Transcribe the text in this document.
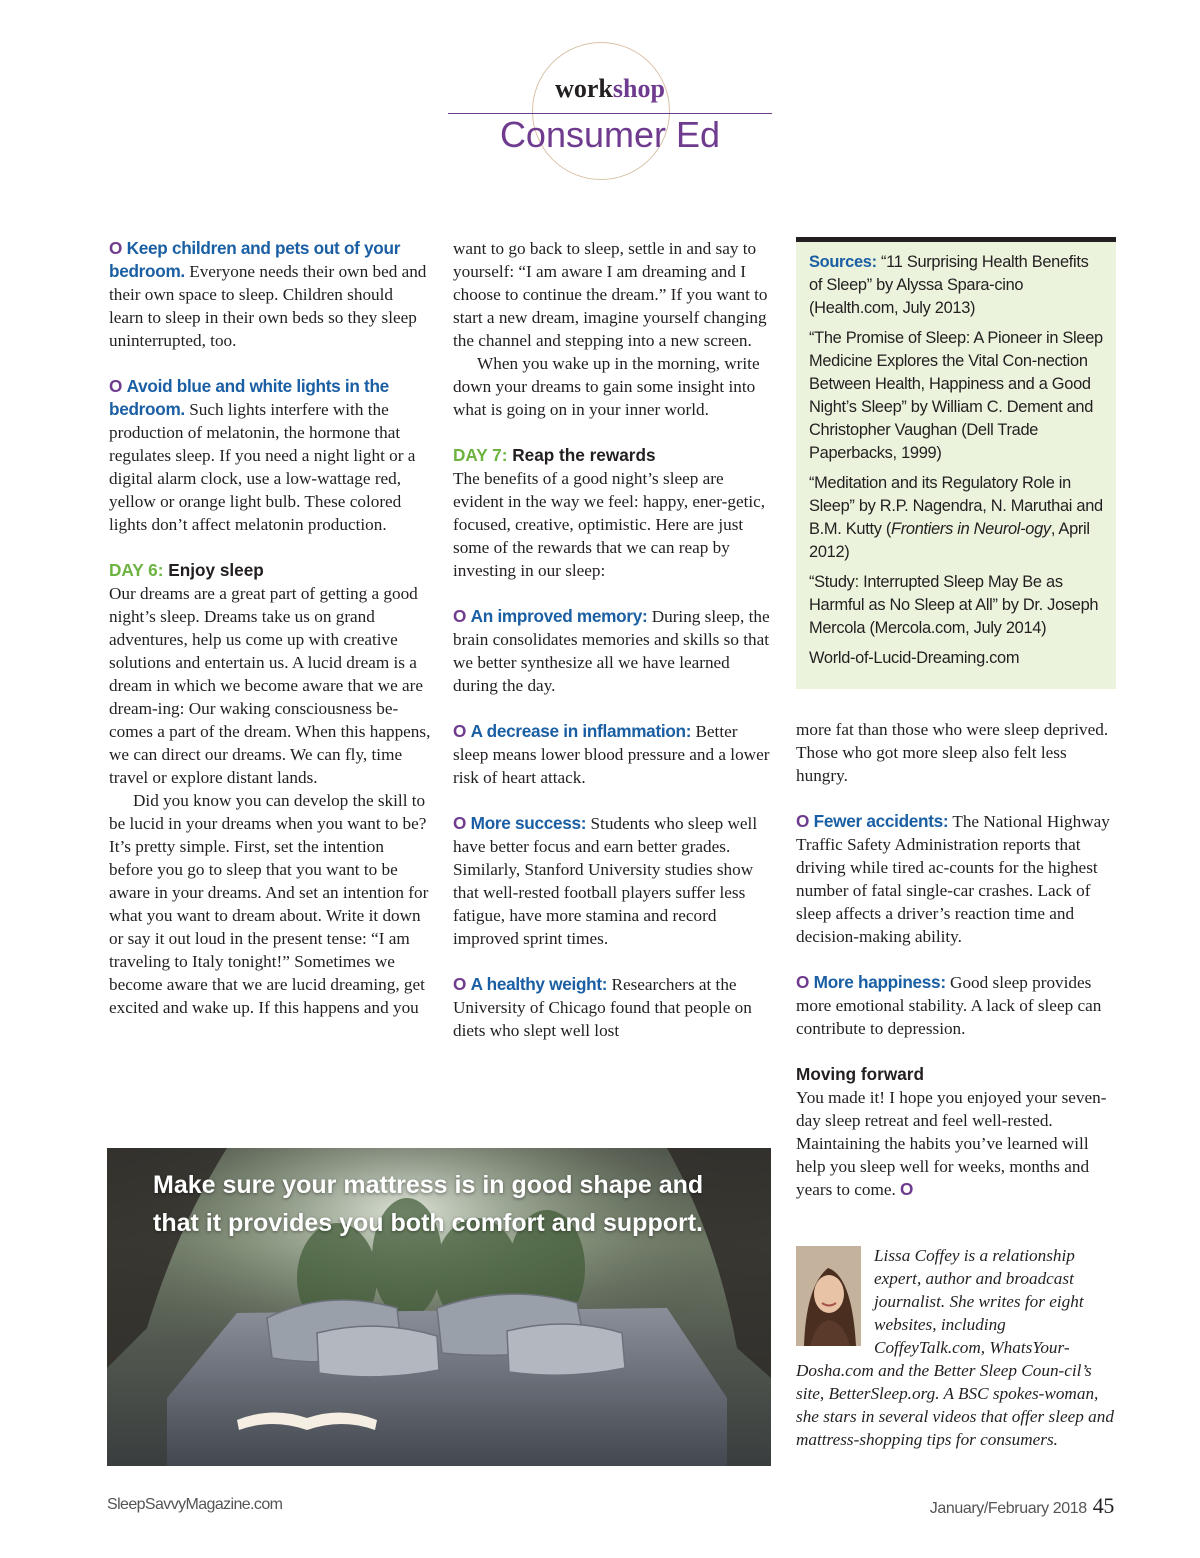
workshop
Consumer Ed

O Keep children and pets out of your bedroom. Everyone needs their own bed and their own space to sleep. Children should learn to sleep in their own beds so they sleep uninterrupted, too.

O Avoid blue and white lights in the bedroom. Such lights interfere with the production of melatonin, the hormone that regulates sleep. If you need a night light or a digital alarm clock, use a low-wattage red, yellow or orange light bulb. These colored lights don’t affect melatonin production.

DAY 6: Enjoy sleep

Our dreams are a great part of getting a good night’s sleep. Dreams take us on grand adventures, help us come up with creative solutions and entertain us. A lucid dream is a dream in which we become aware that we are dream-ing: Our waking consciousness be-comes a part of the dream. When this happens, we can direct our dreams. We can fly, time travel or explore distant lands.

Did you know you can develop the skill to be lucid in your dreams when you want to be? It’s pretty simple. First, set the intention before you go to sleep that you want to be aware in your dreams. And set an intention for what you want to dream about. Write it down or say it out loud in the present tense: “I am traveling to Italy tonight!” Sometimes we become aware that we are lucid dreaming, get excited and wake up. If this happens and you

want to go back to sleep, settle in and say to yourself: “I am aware I am dreaming and I choose to continue the dream.” If you want to start a new dream, imagine yourself changing the channel and stepping into a new screen.

When you wake up in the morning, write down your dreams to gain some insight into what is going on in your inner world.

DAY 7: Reap the rewards

The benefits of a good night’s sleep are evident in the way we feel: happy, ener-getic, focused, creative, optimistic. Here are just some of the rewards that we can reap by investing in our sleep:

O An improved memory: During sleep, the brain consolidates memories and skills so that we better synthesize all we have learned during the day.

O A decrease in inflammation: Better sleep means lower blood pressure and a lower risk of heart attack.

O More success: Students who sleep well have better focus and earn better grades. Similarly, Stanford University studies show that well-rested football players suffer less fatigue, have more stamina and record improved sprint times.

O A healthy weight: Researchers at the University of Chicago found that people on diets who slept well lost

Sources: “11 Surprising Health Benefits of Sleep” by Alyssa Spara-cino (Health.com, July 2013)

“The Promise of Sleep: A Pioneer in Sleep Medicine Explores the Vital Con-nection Between Health, Happiness and a Good Night’s Sleep” by William C. Dement and Christopher Vaughan (Dell Trade Paperbacks, 1999)

“Meditation and its Regulatory Role in Sleep” by R.P. Nagendra, N. Maruthai and B.M. Kutty (Frontiers in Neurol-ogy, April 2012)

“Study: Interrupted Sleep May Be as Harmful as No Sleep at All” by Dr. Joseph Mercola (Mercola.com, July 2014)

World-of-Lucid-Dreaming.com

more fat than those who were sleep deprived. Those who got more sleep also felt less hungry.

O Fewer accidents: The National Highway Traffic Safety Administration reports that driving while tired ac-counts for the highest number of fatal single-car crashes. Lack of sleep affects a driver’s reaction time and decision-making ability.

O More happiness: Good sleep provides more emotional stability. A lack of sleep can contribute to depression.

Moving forward

You made it! I hope you enjoyed your seven-day sleep retreat and feel well-rested. Maintaining the habits you’ve learned will help you sleep well for weeks, months and years to come. O

Make sure your mattress is in good shape and
that it provides you both comfort and support.
Lissa Coffey is a relationship expert, author and broadcast journalist. She writes for eight websites, including CoffeyTalk.com, WhatsYour-Dosha.com and the Better Sleep Coun-cil’s site, BetterSleep.org. A BSC spokes-woman, she stars in several videos that offer sleep and mattress-shopping tips for consumers.
SleepSavvyMagazine.com	January/February 2018 45
